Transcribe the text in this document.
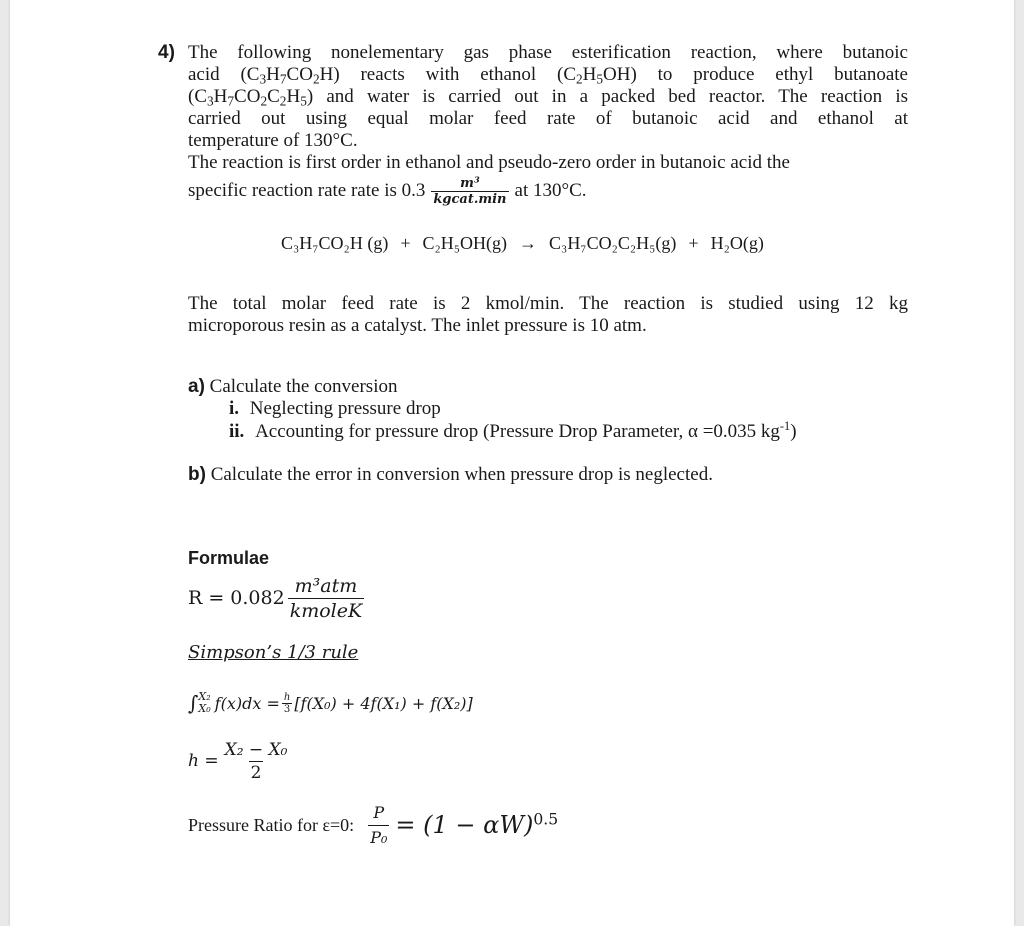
4) The following nonelementary gas phase esterification reaction, where butanoic
acid $(C_3H_7CO_2H)$ reacts with ethanol $(C_2H_5OH)$ to produce ethyl butanoate
$(C_3H_7CO_2C_2H_5)$ and water is carried out in a packed bed reactor. The reaction is
carried out using equal molar feed rate of butanoic acid and ethanol at
temperature of 130°C.
The reaction is first order in ethanol and pseudo-zero order in butanoic acid the
specific reaction rate rate is $0.3 \frac{m^3}{\text{kgcat.min}}$ at 130°C.
C₃H₇CO₂H (g) + C₂H₅OH(g) → C₃H₇CO₂C₂H₅(g) + H₂O(g)
The total molar feed rate is 2 kmol/min. The reaction is studied using 12 kg
microporous resin as a catalyst. The inlet pressure is 10 atm.
a) Calculate the conversion
i. Neglecting pressure drop
ii. Accounting for pressure drop (Pressure Drop Parameter, α =0.035 $kg^{-1}$)
b) Calculate the error in conversion when pressure drop is neglected.
Formulae
$R = 0.082 \frac{\text{m³atm}}{\text{kmoleK}}$
Simpson’s 1/3 rule
∫ X₂
X₀ $f(x)dx = \frac{h}{3} [f(X_0) + 4f(X_1) + f(X_2)]$
$h = \frac{\text{X₂ − X₀}}{2}$
Pressure Ratio for ε=0: $\frac{P}{\text{P₀}} = (1 - \alpha W)^{0.5}$
